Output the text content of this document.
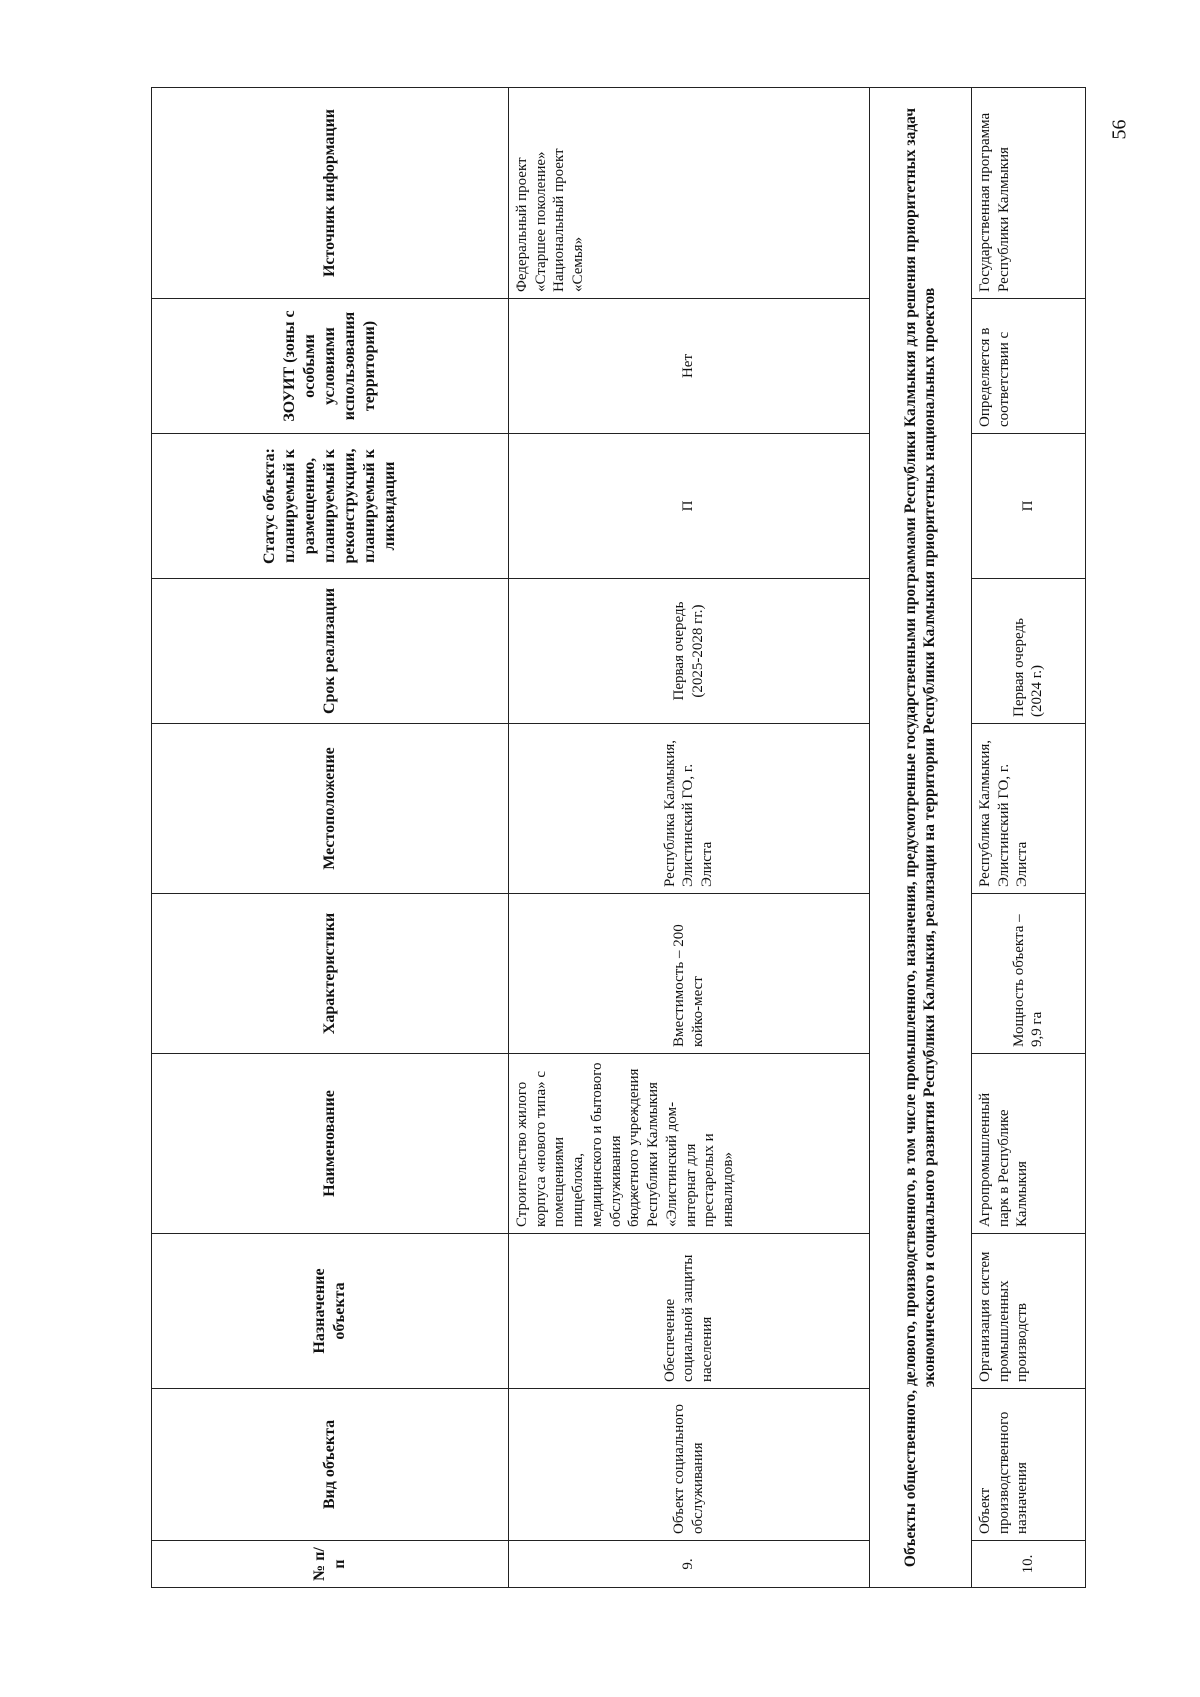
56
№ п/ п	Вид объекта	Назначение объекта	Наименование	Характеристики	Местоположение	Срок реализации	Статус объекта: планируемый к размещению, планируемый к реконструкции, планируемый к ликвидации	ЗОУИТ (зоны с особыми условиями использования территории)	Источник информации
9.	Объект социального обслуживания	Обеспечение социальной защиты населения	Строительство жилого корпуса «нового типа» с помещениями пищеблока, медицинского и бытового обслуживания бюджетного учреждения Республики Калмыкия «Элистинский дом-интернат для престарелых и инвалидов»	Вместимость – 200 койко-мест	Республика Калмыкия, Элистинский ГО, г. Элиста	Первая очередь (2025-2028 гг.)	П	Нет	Федеральный проект «Старшее поколение» Национальный проект «Семья»
Объекты общественного, делового, производственного, в том числе промышленного, назначения, предусмотренные государственными программами Республики Калмыкия для решения приоритетных задач экономического и социального развития Республики Калмыкия, реализации на территории Республики Калмыкия приоритетных национальных проектов									
10.	Объект производственного назначения	Организация систем промышленных производств	Агропромышленный парк в Республике Калмыкия	Мощность объекта – 9,9 га	Республика Калмыкия, Элистинский ГО, г. Элиста	Первая очередь (2024 г.)	П	Определяется в соответствии с	Государственная программа Республики Калмыкия
